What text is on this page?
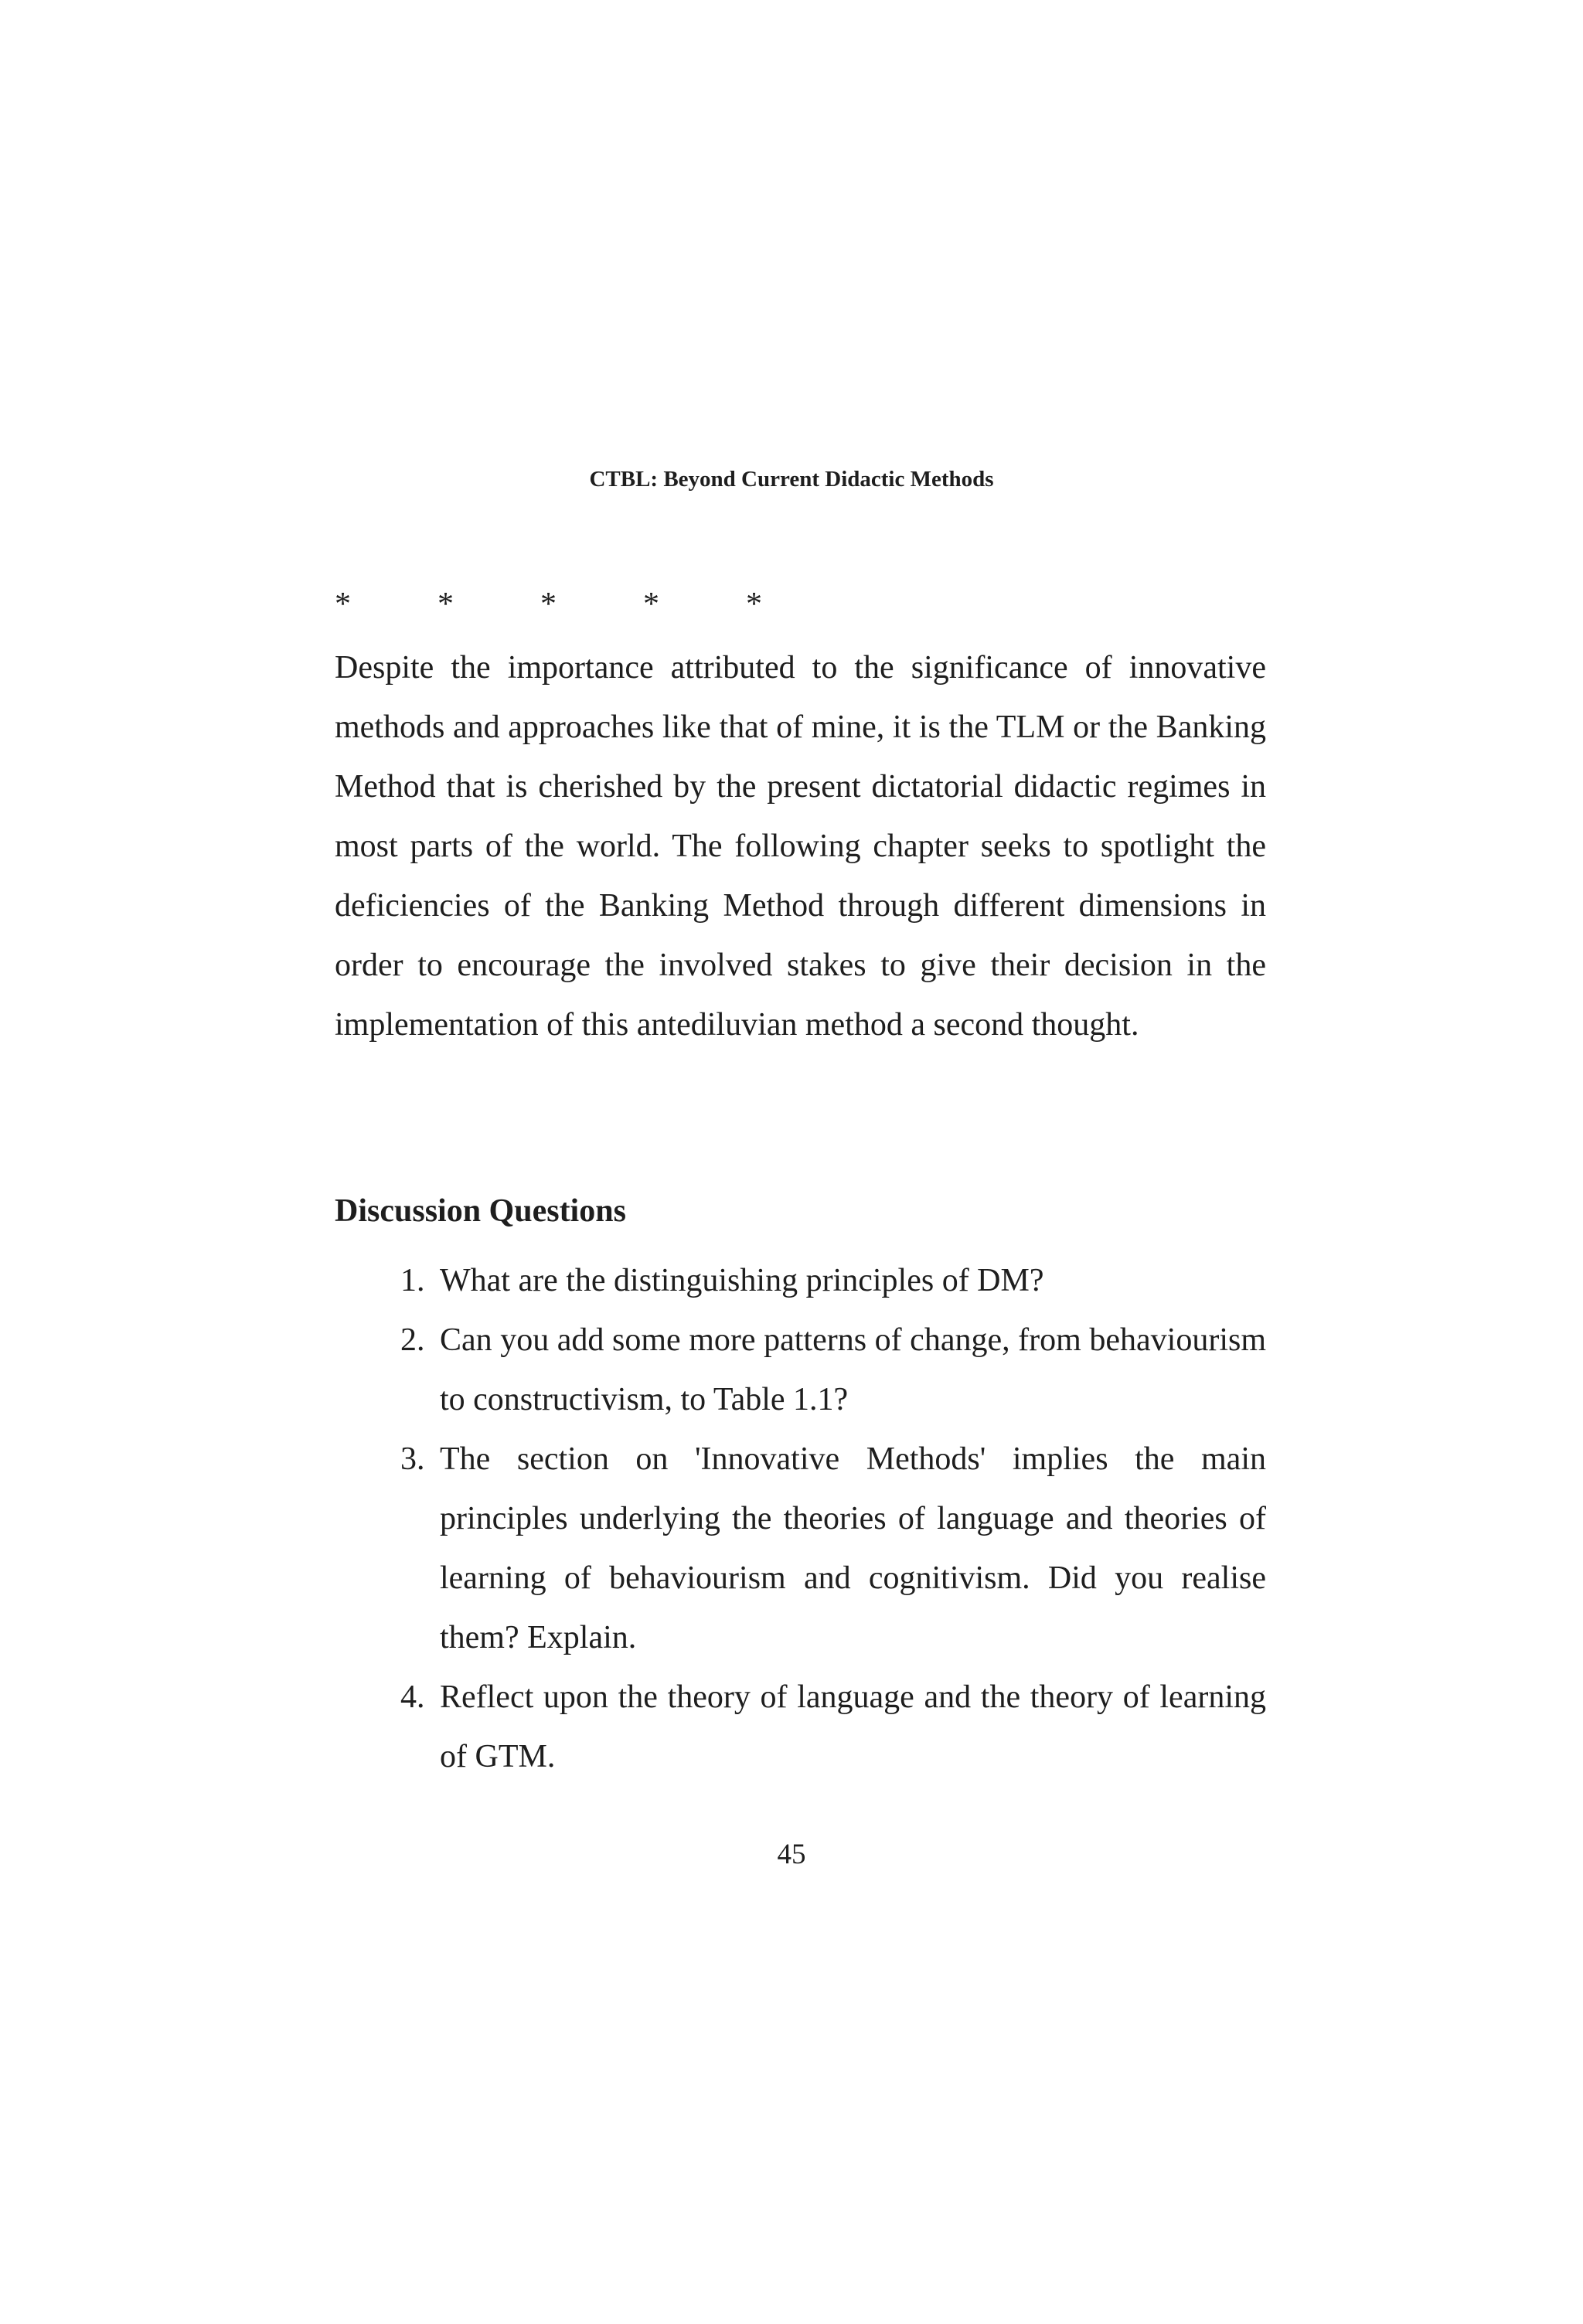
CTBL: Beyond Current Didactic Methods
*	*	*	*	*

Despite the importance attributed to the significance of innovative methods and approaches like that of mine, it is the TLM or the Banking Method that is cherished by the present dictatorial didactic regimes in most parts of the world. The following chapter seeks to spotlight the deficiencies of the Banking Method through different dimensions in order to encourage the involved stakes to give their decision in the implementation of this antediluvian method a second thought.

Discussion Questions
1. What are the distinguishing principles of DM?
2. Can you add some more patterns of change, from behaviourism to constructivism, to Table 1.1?
3. The section on 'Innovative Methods' implies the main principles underlying the theories of language and theories of learning of behaviourism and cognitivism. Did you realise them? Explain.
4. Reflect upon the theory of language and the theory of learning of GTM.
45
